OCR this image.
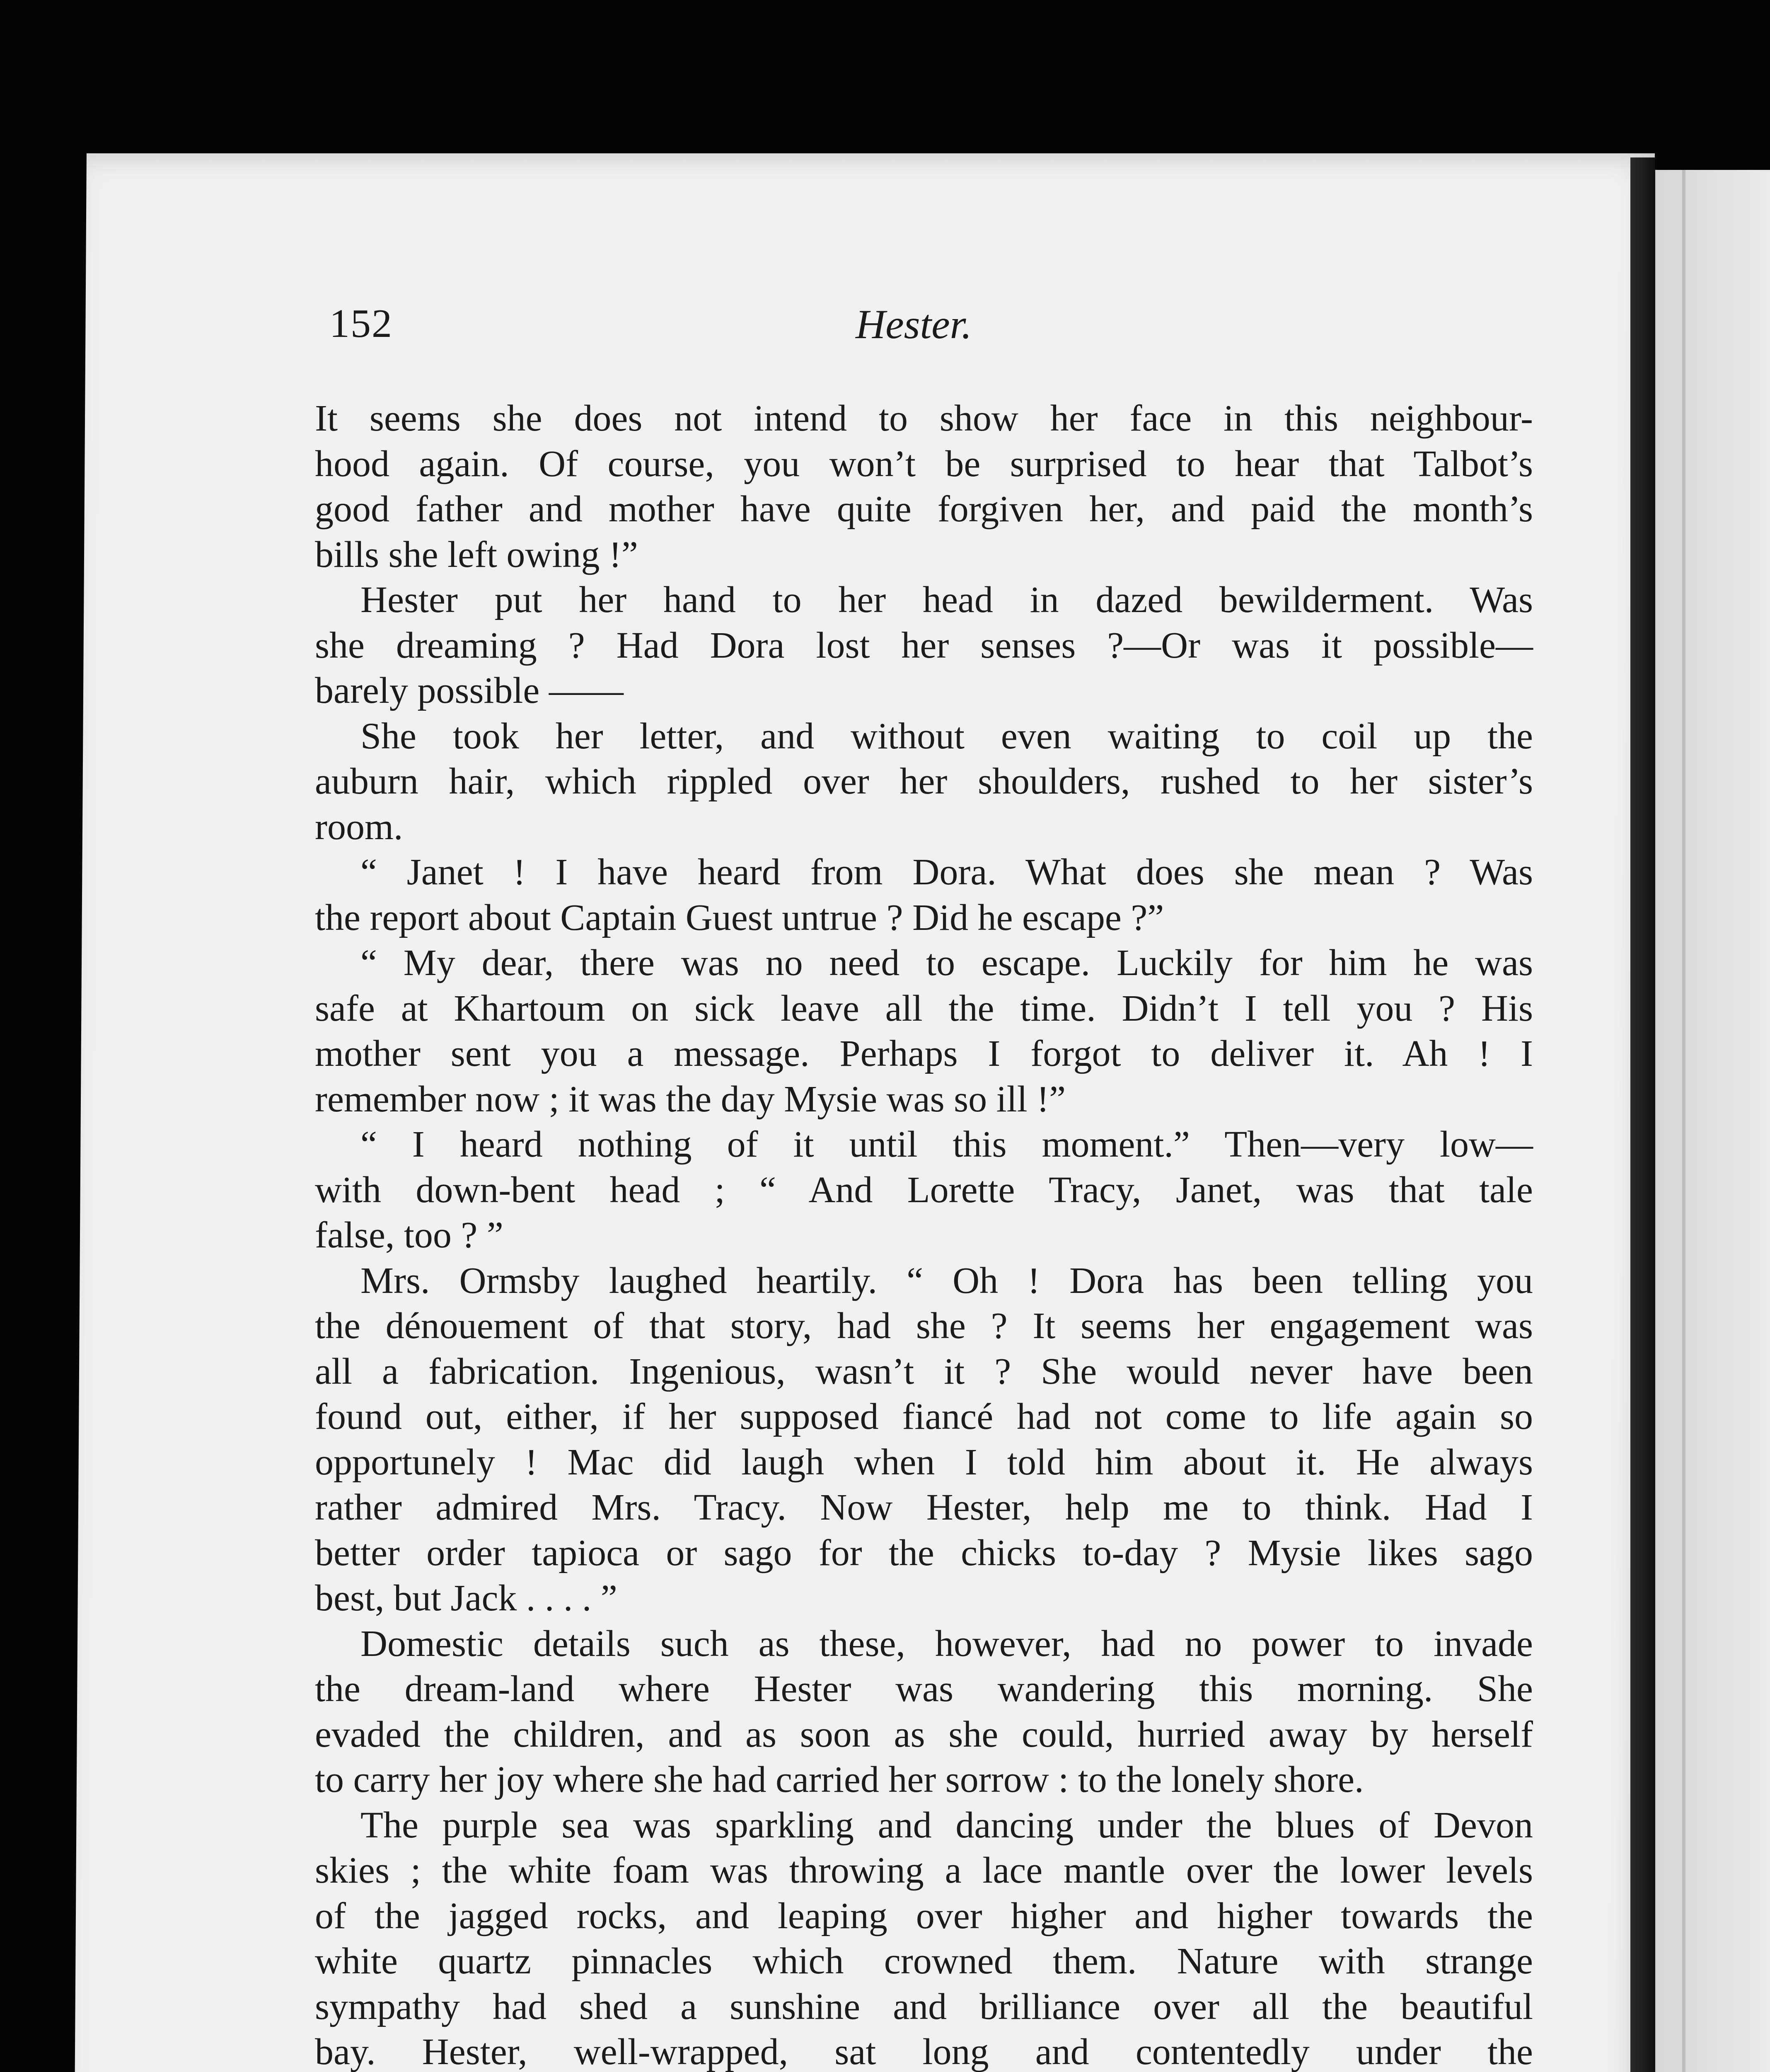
152	Hester.
It seems she does not intend to show her face in this neighbour-
hood again. Of course, you won’t be surprised to hear that Talbot’s
good father and mother have quite forgiven her, and paid the month’s
bills she left owing !”
Hester put her hand to her head in dazed bewilderment. Was
she dreaming ? Had Dora lost her senses ?—Or was it possible—
barely possible ——
She took her letter, and without even waiting to coil up the
auburn hair, which rippled over her shoulders, rushed to her sister’s
room.
“ Janet ! I have heard from Dora. What does she mean ? Was
the report about Captain Guest untrue ? Did he escape ?”
“ My dear, there was no need to escape. Luckily for him he was
safe at Khartoum on sick leave all the time. Didn’t I tell you ? His
mother sent you a message. Perhaps I forgot to deliver it. Ah ! I
remember now ; it was the day Mysie was so ill !”
“ I heard nothing of it until this moment.” Then—very low—
with down-bent head ; “ And Lorette Tracy, Janet, was that tale
false, too ? ”
Mrs. Ormsby laughed heartily. “ Oh ! Dora has been telling you
the dénouement of that story, had she ? It seems her engagement was
all a fabrication. Ingenious, wasn’t it ? She would never have been
found out, either, if her supposed fiancé had not come to life again so
opportunely ! Mac did laugh when I told him about it. He always
rather admired Mrs. Tracy. Now Hester, help me to think. Had I
better order tapioca or sago for the chicks to-day ? Mysie likes sago
best, but Jack . . . . ”
Domestic details such as these, however, had no power to invade
the dream-land where Hester was wandering this morning. She
evaded the children, and as soon as she could, hurried away by herself
to carry her joy where she had carried her sorrow : to the lonely shore.
The purple sea was sparkling and dancing under the blues of Devon
skies ; the white foam was throwing a lace mantle over the lower levels
of the jagged rocks, and leaping over higher and higher towards the
white quartz pinnacles which crowned them. Nature with strange
sympathy had shed a sunshine and brilliance over all the beautiful
bay. Hester, well-wrapped, sat long and contentedly under the
